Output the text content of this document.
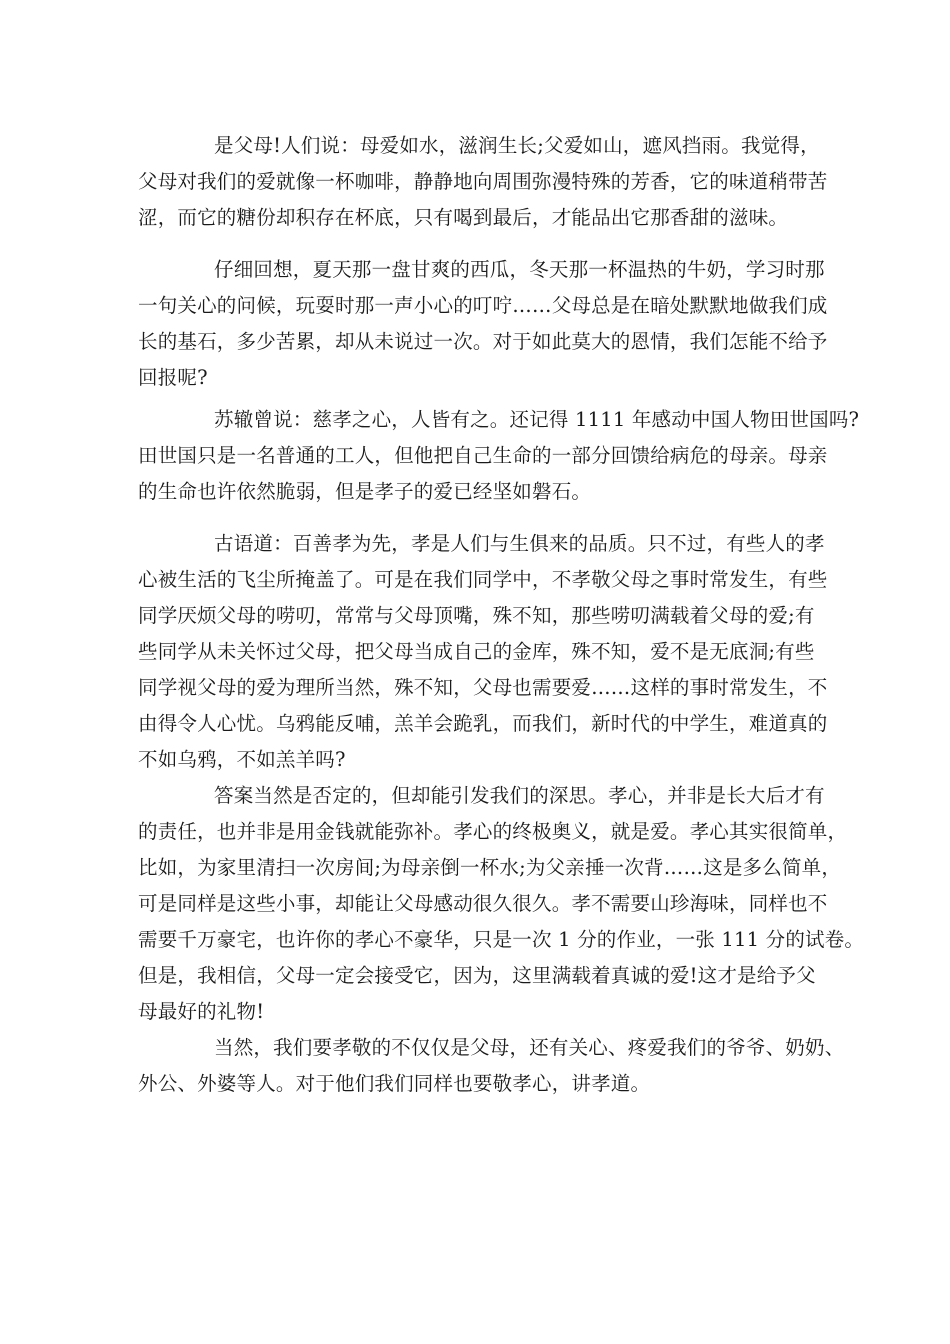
是父母!人们说：母爱如水，滋润生长;父爱如山，遮风挡雨。我觉得，
父母对我们的爱就像一杯咖啡，静静地向周围弥漫特殊的芳香，它的味道稍带苦
涩，而它的糖份却积存在杯底，只有喝到最后，才能品出它那香甜的滋味。
仔细回想，夏天那一盘甘爽的西瓜，冬天那一杯温热的牛奶，学习时那
一句关心的问候，玩耍时那一声小心的叮咛……父母总是在暗处默默地做我们成
长的基石，多少苦累，却从未说过一次。对于如此莫大的恩情，我们怎能不给予
回报呢?
苏辙曾说：慈孝之心，人皆有之。还记得 1111 年感动中国人物田世国吗?
田世国只是一名普通的工人，但他把自己生命的一部分回馈给病危的母亲。母亲
的生命也许依然脆弱，但是孝子的爱已经坚如磐石。
古语道：百善孝为先，孝是人们与生俱来的品质。只不过，有些人的孝
心被生活的飞尘所掩盖了。可是在我们同学中，不孝敬父母之事时常发生，有些
同学厌烦父母的唠叨，常常与父母顶嘴，殊不知，那些唠叨满载着父母的爱;有
些同学从未关怀过父母，把父母当成自己的金库，殊不知，爱不是无底洞;有些
同学视父母的爱为理所当然，殊不知，父母也需要爱……这样的事时常发生，不
由得令人心忧。乌鸦能反哺，羔羊会跪乳，而我们，新时代的中学生，难道真的
不如乌鸦，不如羔羊吗?
答案当然是否定的，但却能引发我们的深思。孝心，并非是长大后才有
的责任，也并非是用金钱就能弥补。孝心的终极奥义，就是爱。孝心其实很简单，
比如，为家里清扫一次房间;为母亲倒一杯水;为父亲捶一次背……这是多么简单，
可是同样是这些小事，却能让父母感动很久很久。孝不需要山珍海味，同样也不
需要千万豪宅，也许你的孝心不豪华，只是一次 1 分的作业，一张 111 分的试卷。
但是，我相信，父母一定会接受它，因为，这里满载着真诚的爱!这才是给予父
母最好的礼物!
当然，我们要孝敬的不仅仅是父母，还有关心、疼爱我们的爷爷、奶奶、
外公、外婆等人。对于他们我们同样也要敬孝心，讲孝道。
